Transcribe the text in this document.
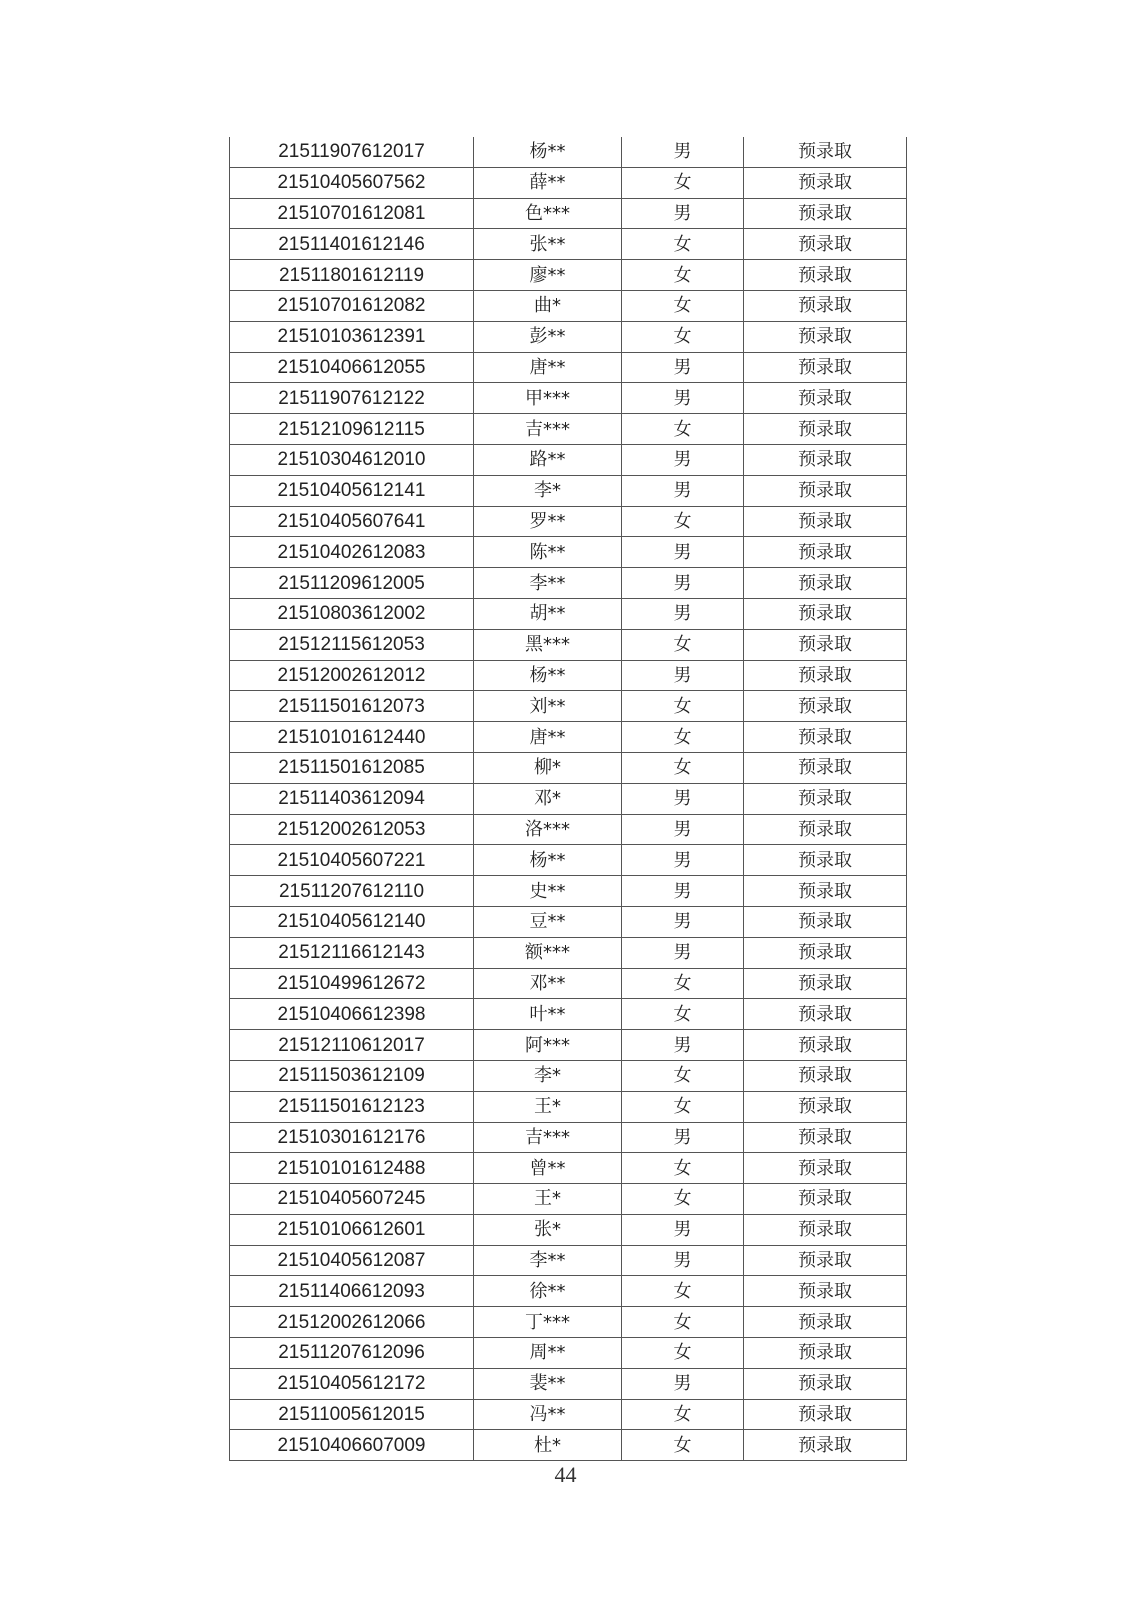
21511907612017	杨**	男	预录取
21510405607562	薛**	女	预录取
21510701612081	色***	男	预录取
21511401612146	张**	女	预录取
21511801612119	廖**	女	预录取
21510701612082	曲*	女	预录取
21510103612391	彭**	女	预录取
21510406612055	唐**	男	预录取
21511907612122	甲***	男	预录取
21512109612115	吉***	女	预录取
21510304612010	路**	男	预录取
21510405612141	李*	男	预录取
21510405607641	罗**	女	预录取
21510402612083	陈**	男	预录取
21511209612005	李**	男	预录取
21510803612002	胡**	男	预录取
21512115612053	黑***	女	预录取
21512002612012	杨**	男	预录取
21511501612073	刘**	女	预录取
21510101612440	唐**	女	预录取
21511501612085	柳*	女	预录取
21511403612094	邓*	男	预录取
21512002612053	洛***	男	预录取
21510405607221	杨**	男	预录取
21511207612110	史**	男	预录取
21510405612140	豆**	男	预录取
21512116612143	额***	男	预录取
21510499612672	邓**	女	预录取
21510406612398	叶**	女	预录取
21512110612017	阿***	男	预录取
21511503612109	李*	女	预录取
21511501612123	王*	女	预录取
21510301612176	吉***	男	预录取
21510101612488	曾**	女	预录取
21510405607245	王*	女	预录取
21510106612601	张*	男	预录取
21510405612087	李**	男	预录取
21511406612093	徐**	女	预录取
21512002612066	丁***	女	预录取
21511207612096	周**	女	预录取
21510405612172	裴**	男	预录取
21511005612015	冯**	女	预录取
21510406607009	杜*	女	预录取
44
